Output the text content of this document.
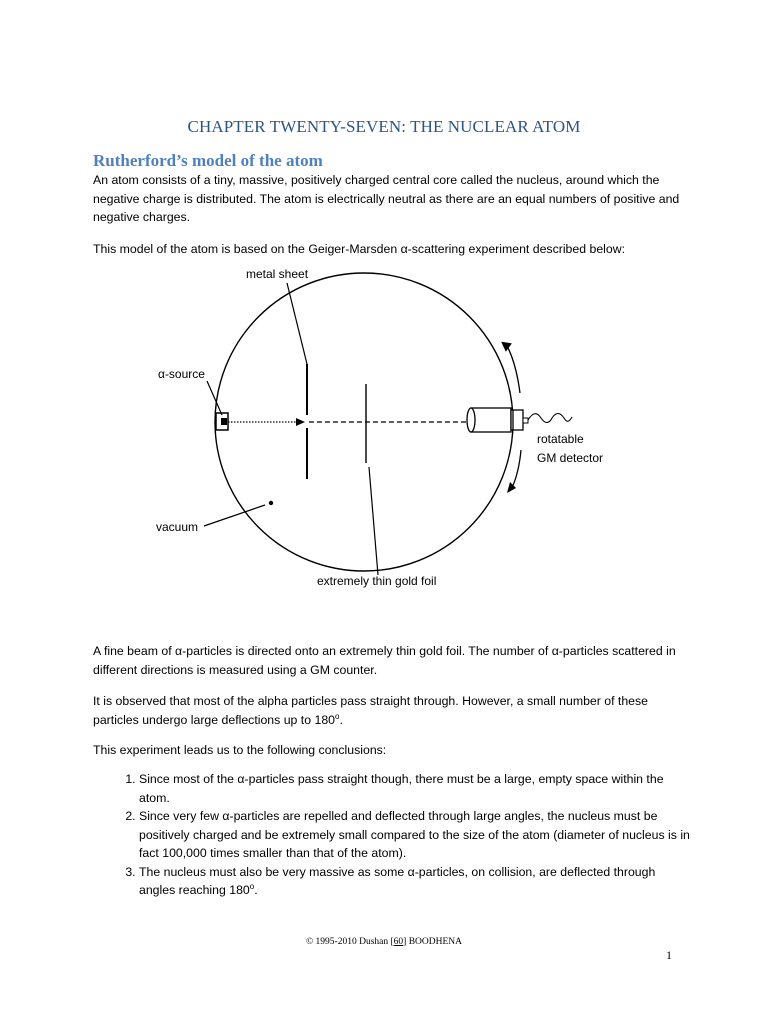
CHAPTER TWENTY-SEVEN: THE NUCLEAR ATOM
Rutherford’s model of the atom
An atom consists of a tiny, massive, positively charged central core called the nucleus, around which the negative charge is distributed. The atom is electrically neutral as there are an equal numbers of positive and negative charges.
This model of the atom is based on the Geiger-Marsden α-scattering experiment described below:
metal sheet
α-source
rotatable
GM detector
vacuum
extremely thin gold foil
A fine beam of α-particles is directed onto an extremely thin gold foil. The number of α-particles scattered in different directions is measured using a GM counter.
It is observed that most of the alpha particles pass straight through. However, a small number of these particles undergo large deflections up to 180$^o$.
This experiment leads us to the following conclusions:
1. Since most of the α-particles pass straight though, there must be a large, empty space within the atom.
2. Since very few α-particles are repelled and deflected through large angles, the nucleus must be positively charged and be extremely small compared to the size of the atom (diameter of nucleus is in fact 100,000 times smaller than that of the atom).
3. The nucleus must also be very massive as some α-particles, on collision, are deflected through angles reaching 180$^o$.
© 1995-2010 Dushan [60] BOODHENA
1
